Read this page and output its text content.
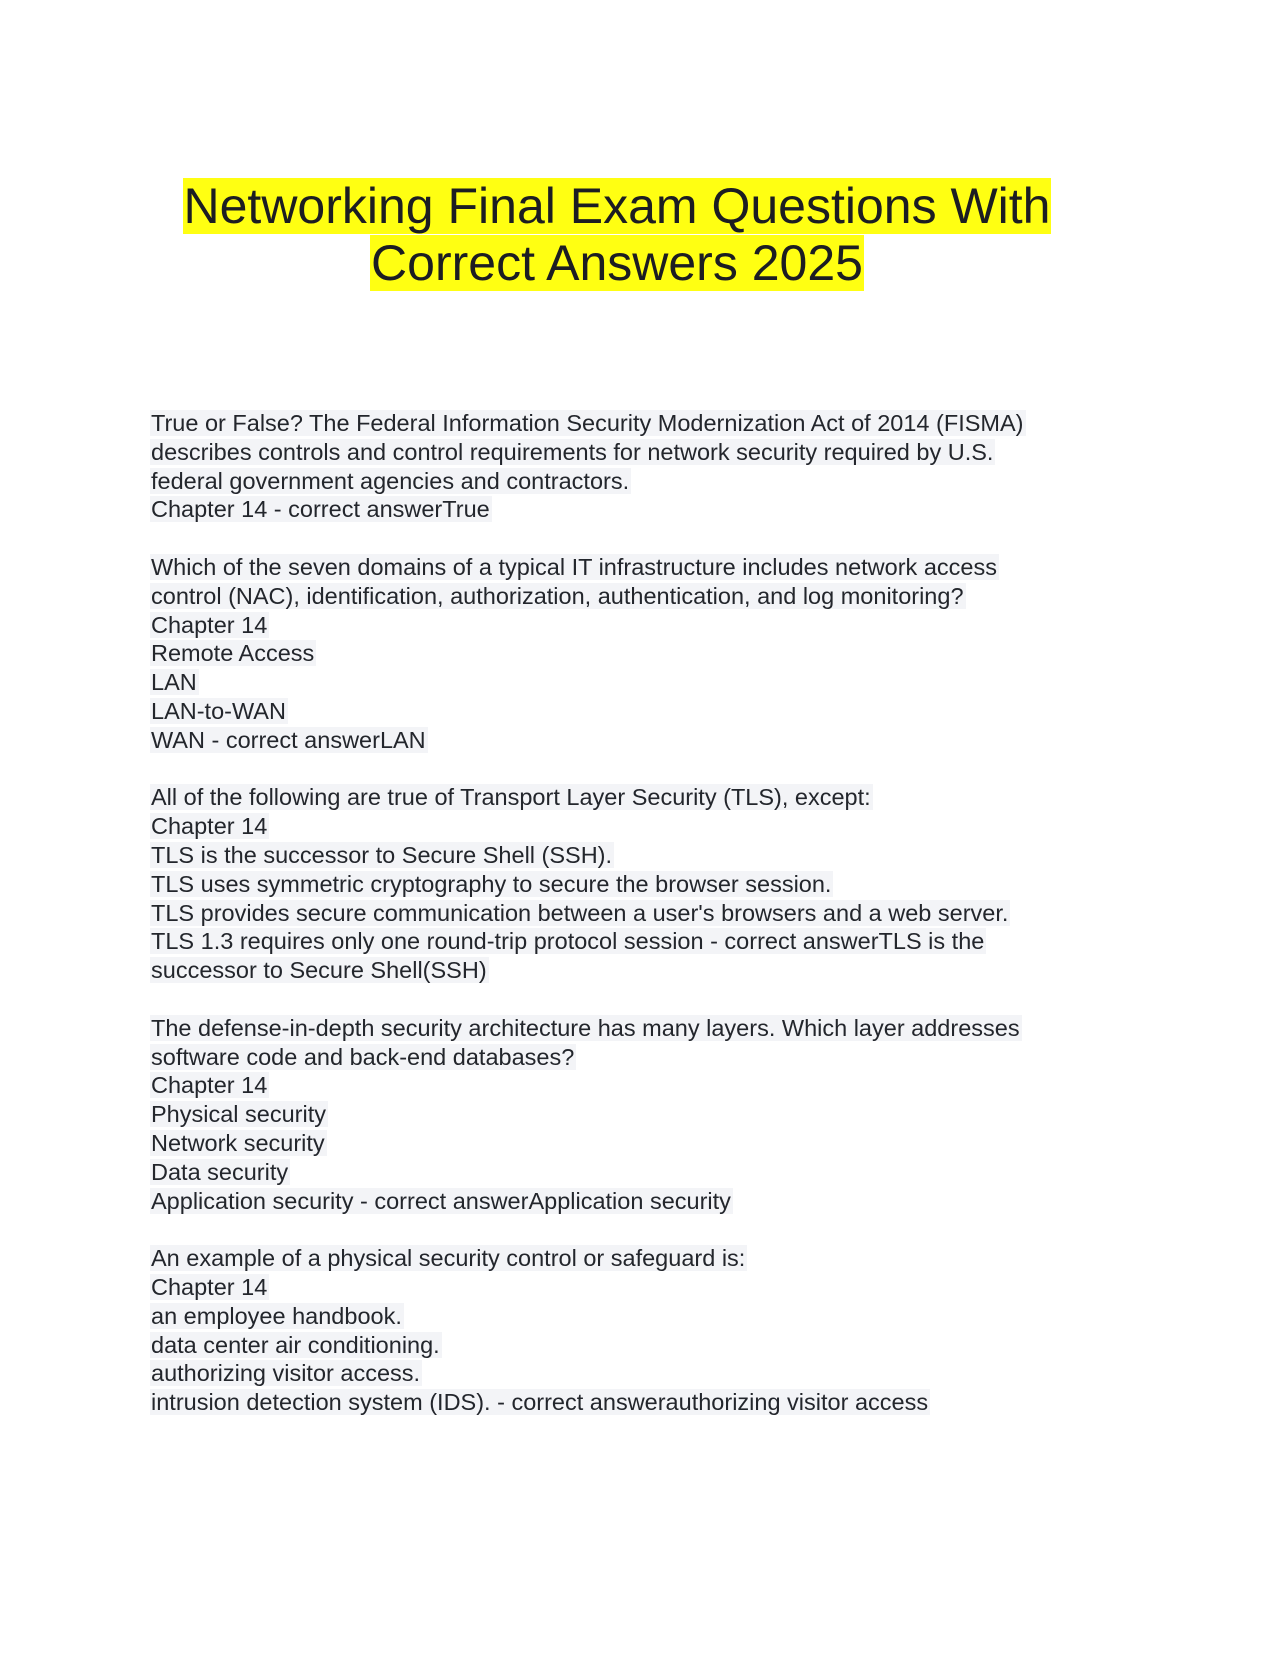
Networking Final Exam Questions With
Correct Answers 2025
True or False? The Federal Information Security Modernization Act of 2014 (FISMA)
describes controls and control requirements for network security required by U.S.
federal government agencies and contractors.
Chapter 14 - correct answerTrue
Which of the seven domains of a typical IT infrastructure includes network access
control (NAC), identification, authorization, authentication, and log monitoring?
Chapter 14
Remote Access
LAN
LAN-to-WAN
WAN - correct answerLAN
All of the following are true of Transport Layer Security (TLS), except:
Chapter 14
TLS is the successor to Secure Shell (SSH).
TLS uses symmetric cryptography to secure the browser session.
TLS provides secure communication between a user's browsers and a web server.
TLS 1.3 requires only one round-trip protocol session - correct answerTLS is the
successor to Secure Shell(SSH)
The defense-in-depth security architecture has many layers. Which layer addresses
software code and back-end databases?
Chapter 14
Physical security
Network security
Data security
Application security - correct answerApplication security
An example of a physical security control or safeguard is:
Chapter 14
an employee handbook.
data center air conditioning.
authorizing visitor access.
intrusion detection system (IDS). - correct answerauthorizing visitor access
